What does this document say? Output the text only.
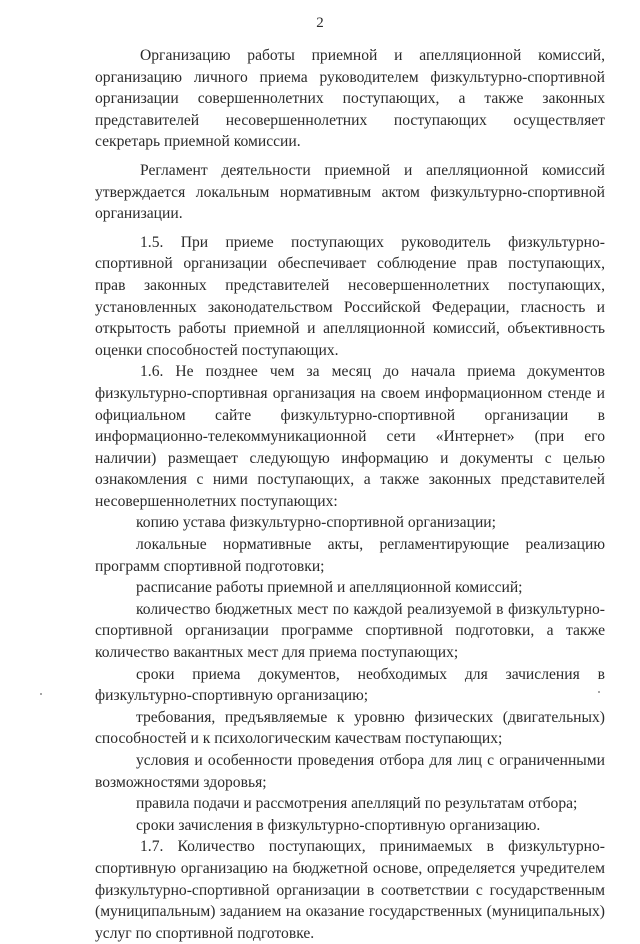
2

Организацию работы приемной и апелляционной комиссий, организацию личного приема руководителем физкультурно-спортивной организации совершеннолетних поступающих, а также законных представителей несовершеннолетних поступающих осуществляет секретарь приемной комиссии.

Регламент деятельности приемной и апелляционной комиссий утверждается локальным нормативным актом физкультурно-спортивной организации.

1.5. При приеме поступающих руководитель физкультурно-спортивной организации обеспечивает соблюдение прав поступающих, прав законных представителей несовершеннолетних поступающих, установленных законодательством Российской Федерации, гласность и открытость работы приемной и апелляционной комиссий, объективность оценки способностей поступающих.

1.6. Не позднее чем за месяц до начала приема документов физкультурно-спортивная организация на своем информационном стенде и официальном сайте физкультурно-спортивной организации в информационно-телекоммуникационной сети «Интернет» (при его наличии) размещает следующую информацию и документы с целью ознакомления с ними поступающих, а также законных представителей несовершеннолетних поступающих:

копию устава физкультурно-спортивной организации;

локальные нормативные акты, регламентирующие реализацию программ спортивной подготовки;

расписание работы приемной и апелляционной комиссий;

количество бюджетных мест по каждой реализуемой в физкультурно-спортивной организации программе спортивной подготовки, а также количество вакантных мест для приема поступающих;

сроки приема документов, необходимых для зачисления в физкультурно-спортивную организацию;

требования, предъявляемые к уровню физических (двигательных) способностей и к психологическим качествам поступающих;

условия и особенности проведения отбора для лиц с ограниченными возможностями здоровья;

правила подачи и рассмотрения апелляций по результатам отбора;

сроки зачисления в физкультурно-спортивную организацию.

1.7. Количество поступающих, принимаемых в физкультурно-спортивную организацию на бюджетной основе, определяется учредителем физкультурно-спортивной организации в соответствии с государственным (муниципальным) заданием на оказание государственных (муниципальных) услуг по спортивной подготовке.
